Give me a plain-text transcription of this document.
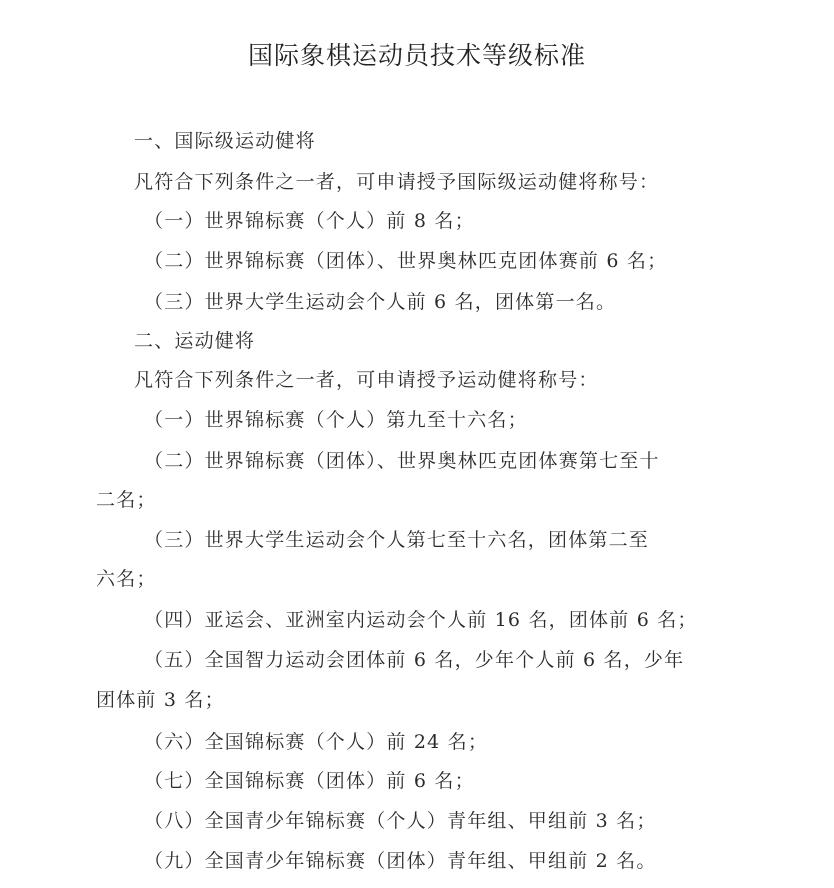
国际象棋运动员技术等级标准
一、国际级运动健将
凡符合下列条件之一者，可申请授予国际级运动健将称号：
（一）世界锦标赛（个人）前 8 名；
（二）世界锦标赛（团体）、世界奥林匹克团体赛前 6 名；
（三）世界大学生运动会个人前 6 名，团体第一名。
二、运动健将
凡符合下列条件之一者，可申请授予运动健将称号：
（一）世界锦标赛（个人）第九至十六名；
（二）世界锦标赛（团体）、世界奥林匹克团体赛第七至十
二名；
（三）世界大学生运动会个人第七至十六名，团体第二至
六名；
（四）亚运会、亚洲室内运动会个人前 16 名，团体前 6 名；
（五）全国智力运动会团体前 6 名，少年个人前 6 名，少年
团体前 3 名；
（六）全国锦标赛（个人）前 24 名；
（七）全国锦标赛（团体）前 6 名；
（八）全国青少年锦标赛（个人）青年组、甲组前 3 名；
（九）全国青少年锦标赛（团体）青年组、甲组前 2 名。
